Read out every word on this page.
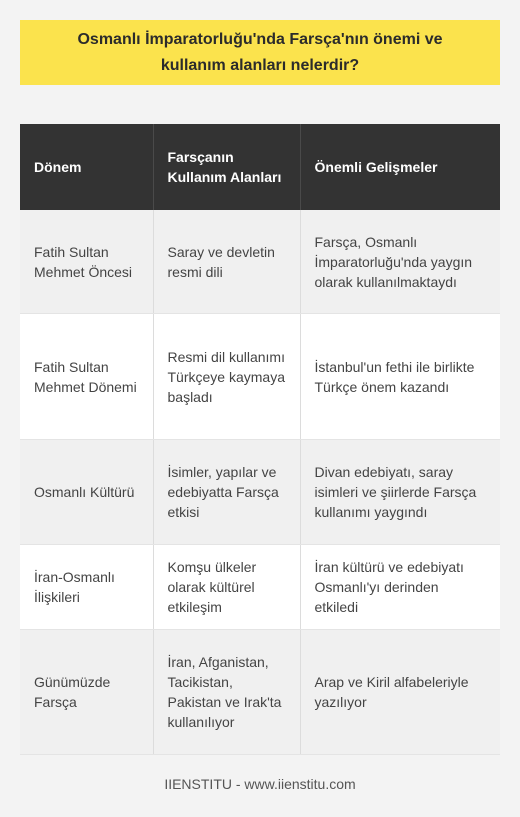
Osmanlı İmparatorluğu'nda Farsça'nın önemi ve kullanım alanları nelerdir?
Dönem	Farsçanın Kullanım Alanları	Önemli Gelişmeler
Fatih Sultan Mehmet Öncesi	Saray ve devletin resmi dili	Farsça, Osmanlı İmparatorluğu'nda yaygın olarak kullanılmaktaydı
Fatih Sultan Mehmet Dönemi	Resmi dil kullanımı Türkçeye kaymaya başladı	İstanbul'un fethi ile birlikte Türkçe önem kazandı
Osmanlı Kültürü	İsimler, yapılar ve edebiyatta Farsça etkisi	Divan edebiyatı, saray isimleri ve şiirlerde Farsça kullanımı yaygındı
İran-Osmanlı İlişkileri	Komşu ülkeler olarak kültürel etkileşim	İran kültürü ve edebiyatı Osmanlı'yı derinden etkiledi
Günümüzde Farsça	İran, Afganistan, Tacikistan, Pakistan ve Irak'ta kullanılıyor	Arap ve Kiril alfabeleriyle yazılıyor
IIENSTITU - www.iienstitu.com
